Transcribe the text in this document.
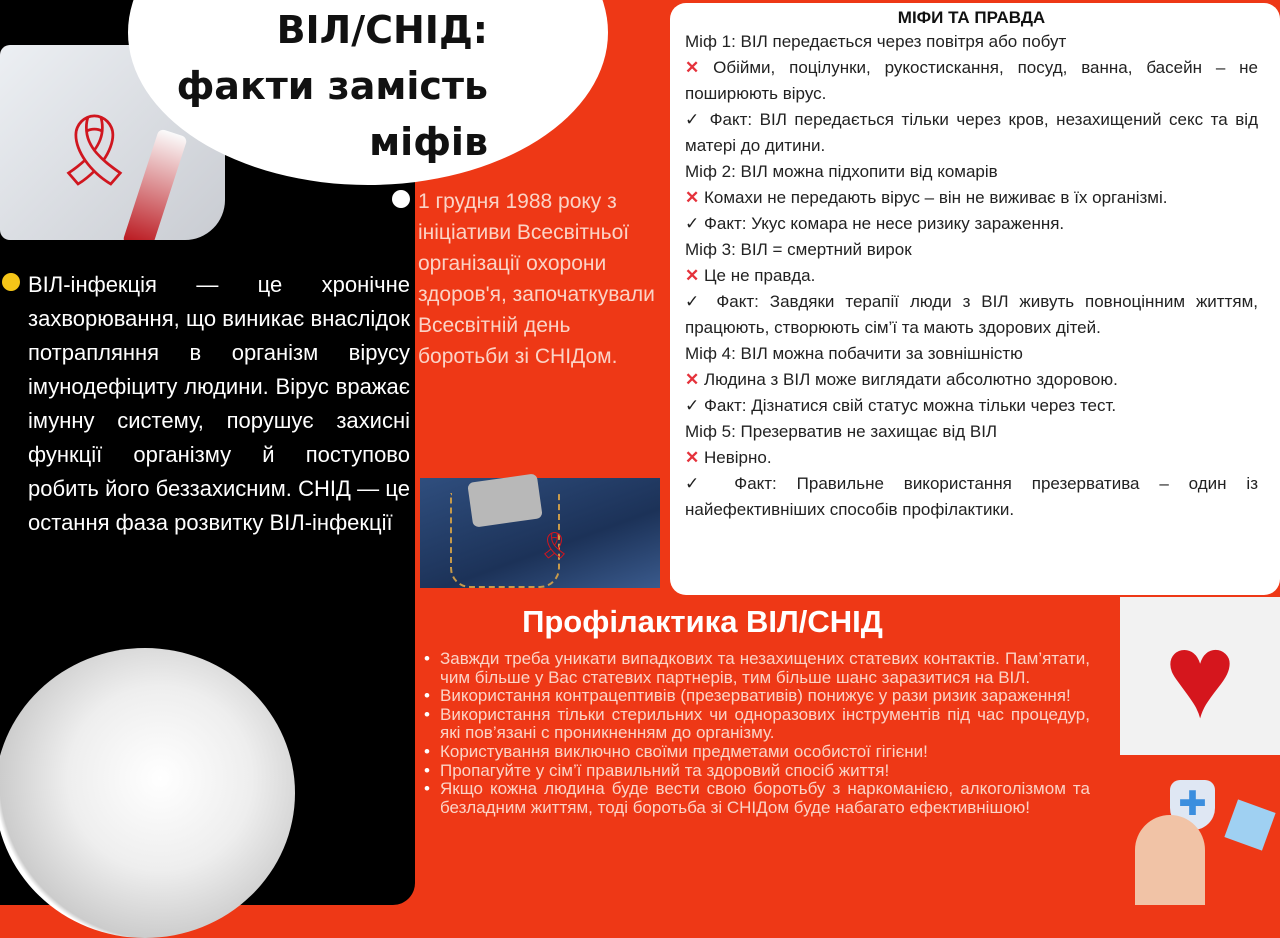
🎗
ВІЛ/СНІД:
факти замість
міфів
ВІЛ-інфекція — це хронічне захворювання, що виникає внаслідок потрапляння в організм вірусу імунодефіциту людини. Вірус вражає імунну систему, порушує захисні функції організму й поступово робить його беззахисним. СНІД — це остання фаза розвитку ВІЛ-інфекції
1 грудня 1988 року з ініціативи Всесвітньої організації охорони здоров'я, започаткували Всесвітній день боротьби зі СНІДом.
🎗
МІФИ ТА ПРАВДА
Міф 1: ВІЛ передається через повітря або побут
✕ Обійми, поцілунки, рукостискання, посуд, ванна, басейн – не поширюють вірус.
✓ Факт: ВІЛ передається тільки через кров, незахищений секс та від матері до дитини.
Міф 2: ВІЛ можна підхопити від комарів
✕ Комахи не передають вірус – він не виживає в їх організмі.
✓ Факт: Укус комара не несе ризику зараження.
Міф 3: ВІЛ = смертний вирок
✕ Це не правда.
✓ Факт: Завдяки терапії люди з ВІЛ живуть повноцінним життям, працюють, створюють сім’ї та мають здорових дітей.
Міф 4: ВІЛ можна побачити за зовнішністю
✕ Людина з ВІЛ може виглядати абсолютно здоровою.
✓ Факт: Дізнатися свій статус можна тільки через тест.
Міф 5: Презерватив не захищає від ВІЛ
✕ Невірно.
✓ Факт: Правильне використання презерватива – один із найефективніших способів профілактики.
Профілактика ВІЛ/СНІД
• Завжди треба уникати випадкових та незахищених статевих контактів. Пам’ятати, чим більше у Вас статевих партнерів, тим більше шанс заразитися на ВІЛ.
• Використання контрацептивів (презервативів) понижує у рази ризик зараження!
• Використання тільки стерильних чи одноразових інструментів під час процедур, які пов’язані с проникненням до організму.
• Користування виключно своїми предметами особистої гігієни!
• Пропагуйте у сім’ї правильний та здоровий спосіб життя!
• Якщо кожна людина буде вести свою боротьбу з наркоманією, алкоголізмом та безладним життям, тоді боротьба зі СНІДом буде набагато ефективнішою!
♥
✚
